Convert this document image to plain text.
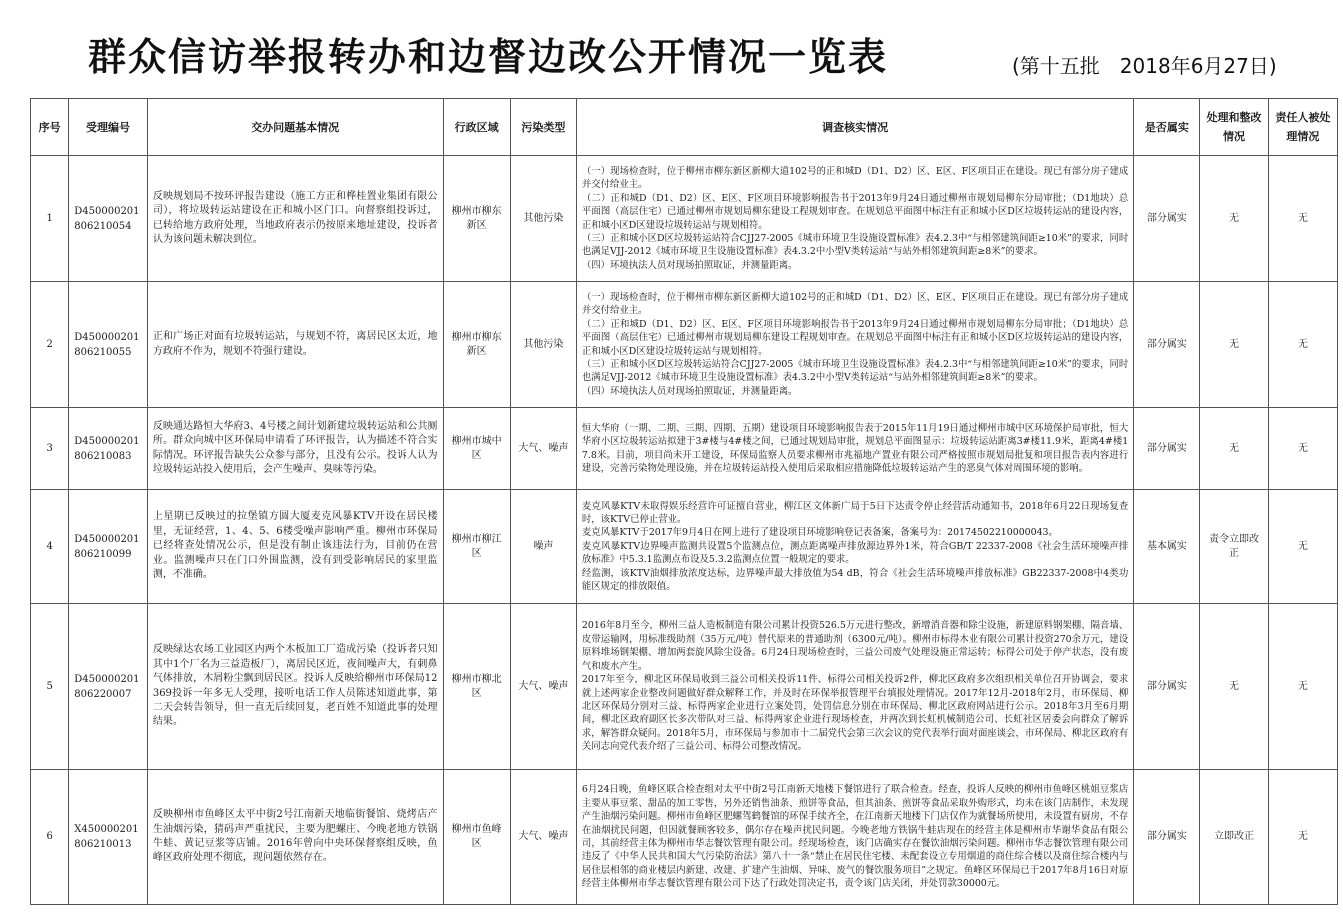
群众信访举报转办和边督边改公开情况一览表	(第十五批　2018年6月27日)
序号	受理编号	交办问题基本情况	行政区域	污染类型	调查核实情况	是否属实	处理和整改情况	责任人被处理情况
1	D450000201806210054	反映规划局不按环评报告建设（施工方正和桦桂置业集团有限公司），将垃圾转运站建设在正和城小区门口。向督察组投诉过，已转给地方政府处理，当地政府表示仍按原来地址建设，投诉者认为该问题未解决到位。	柳州市柳东新区	其他污染	（一）现场检查时，位于柳州市柳东新区新柳大道102号的正和城D（D1、D2）区、E区、F区项目正在建设。现已有部分房子建成并交付给业主。
（二）正和城D（D1、D2）区、E区、F区项目环境影响报告书于2013年9月24日通过柳州市规划局柳东分局审批；（D1地块）总平面图（高层住宅）已通过柳州市规划局柳东建设工程规划审查。在规划总平面图中标注有正和城小区D区垃圾转运站的建设内容，正和城小区D区建设垃圾转运站与规划相符。
（三）正和城小区D区垃圾转运站符合CJJ27-2005《城市环境卫生设施设置标准》表4.2.3中“与相邻建筑间距≥10米”的要求，同时也满足VJJ-2012《城市环境卫生设施设置标准》表4.3.2中小型V类转运站“与站外相邻建筑间距≥8米”的要求。
（四）环境执法人员对现场拍照取证，并测量距离。	部分属实	无	无
2	D450000201806210055	正和广场正对面有垃圾转运站，与规划不符，离居民区太近，地方政府不作为，规划不符强行建设。	柳州市柳东新区	其他污染	（一）现场检查时，位于柳州市柳东新区新柳大道102号的正和城D（D1、D2）区、E区、F区项目正在建设。现已有部分房子建成并交付给业主。
（二）正和城D（D1、D2）区、E区、F区项目环境影响报告书于2013年9月24日通过柳州市规划局柳东分局审批；（D1地块）总平面图（高层住宅）已通过柳州市规划局柳东建设工程规划审查。在规划总平面图中标注有正和城小区D区垃圾转运站的建设内容，正和城小区D区建设垃圾转运站与规划相符。
（三）正和城小区D区垃圾转运站符合CJJ27-2005《城市环境卫生设施设置标准》表4.2.3中“与相邻建筑间距≥10米”的要求，同时也满足VJJ-2012《城市环境卫生设施设置标准》表4.3.2中小型V类转运站“与站外相邻建筑间距≥8米”的要求。
（四）环境执法人员对现场拍照取证，并测量距离。	部分属实	无	无
3	D450000201806210083	反映通达路恒大华府3、4号楼之间计划新建垃圾转运站和公共厕所。群众向城中区环保局申请看了环评报告，认为描述不符合实际情况。环评报告缺失公众参与部分，且没有公示。投诉人认为垃圾转运站投入使用后，会产生噪声、臭味等污染。	柳州市城中区	大气、噪声	恒大华府（一期、二期、三期、四期、五期）建设项目环境影响报告表于2015年11月19日通过柳州市城中区环境保护局审批，恒大华府小区垃圾转运站拟建于3#楼与4#楼之间，已通过规划局审批，规划总平面图显示：垃圾转运站距离3#楼11.9米，距离4#楼17.8米。目前，项目尚未开工建设，环保局监察人员要求柳州市兆福地产置业有限公司严格按照市规划局批复和项目报告表内容进行建设，完善污染物处理设施，并在垃圾转运站投入使用后采取相应措施降低垃圾转运站产生的恶臭气体对周围环境的影响。	部分属实	无	无
4	D450000201806210099	上星期已反映过的拉堡镇方圆大厦麦克风暴KTV开设在居民楼里，无证经营，1、4、5、6楼受噪声影响严重。柳州市环保局已经将查处情况公示，但是没有制止该违法行为，目前仍在营业。监测噪声只在门口外围监测，没有到受影响居民的家里监测，不准确。	柳州市柳江区	噪声	麦克风暴KTV未取得娱乐经营许可证擅自营业，柳江区文体新广局于5日下达责令停止经营活动通知书，2018年6月22日现场复查时，该KTV已停止营业。
麦克风暴KTV于2017年9月4日在网上进行了建设项目环境影响登记表备案，备案号为：20174502210000043。
麦克风暴KTV边界噪声监测共设置5个监测点位，测点距离噪声排放源边界外1米，符合GB/T 22337-2008《社会生活环境噪声排放标准》中5.3.1监测点布设及5.3.2监测点位置一般规定的要求。
经监测，该KTV油烟排放浓度达标，边界噪声最大排放值为54 dB，符合《社会生活环境噪声排放标准》GB22337-2008中4类功能区规定的排放限值。	基本属实	责令立即改正	无
5	D450000201806220007	反映绿达农场工业园区内两个木板加工厂造成污染（投诉者只知其中1个厂名为三益造板厂），离居民区近，夜间噪声大，有刺鼻气体排放，木屑粉尘飘到居民区。投诉人反映给柳州市环保局12369投诉一年多无人受理，接听电话工作人员陈述知道此事，第二天会转告领导，但一直无后续回复，老百姓不知道此事的处理结果。	柳州市柳北区	大气、噪声	2016年8月至今，柳州三益人造板制造有限公司累计投资526.5万元进行整改，新增消音器和除尘设施，新建原料钢架棚、隔音墙、皮带运输网，用标准级助剂（35万元/吨）替代原来的普通助剂（6300元/吨）。柳州市标得木业有限公司累计投资270余万元，建设原料堆场钢架棚、增加两套旋风除尘设备。6月24日现场检查时，三益公司废气处理设施正常运转；标得公司处于停产状态，没有废气和废水产生。
2017年至今，柳北区环保局收到三益公司相关投诉11件、标得公司相关投诉2件，柳北区政府多次组织相关单位召开协调会，要求就上述两家企业整改问题做好群众解释工作，并及时在环保举报管理平台填报处理情况。2017年12月-2018年2月，市环保局、柳北区环保局分别对三益、标得两家企业进行立案处罚，处罚信息分别在市环保局、柳北区政府网站进行公示。2018年3月至6月期间，柳北区政府副区长多次带队对三益、标得两家企业进行现场检查，并两次到长虹机械制造公司、长虹社区居委会向群众了解诉求，解答群众疑问。2018年5月，市环保局与参加市十二届党代会第三次会议的党代表举行面对面座谈会，市环保局、柳北区政府有关同志向党代表介绍了三益公司、标得公司整改情况。	部分属实	无	无
6	X450000201806210013	反映柳州市鱼峰区太平中街2号江南新天地临街餐馆、烧烤店产生油烟污染，猜码声严重扰民，主要为肥螺庄、今晚老地方铁锅牛蛙、黄记豆浆等店铺。2016年曾向中央环保督察组反映，鱼峰区政府处理不彻底，现问题依然存在。	柳州市鱼峰区	大气、噪声	6月24日晚，鱼峰区联合检查组对太平中街2号江南新天地楼下餐馆进行了联合检查。经查，投诉人反映的柳州市鱼峰区桃姐豆浆店主要从事豆浆、甜品的加工零售，另外还销售油条、煎饼等食品，但其油条、煎饼等食品采取外购形式，均未在该门店制作，未发现产生油烟污染问题。柳州市鱼峰区肥螺驾鹤餐馆的环保手续齐全，在江南新天地楼下门店仅作为就餐场所使用，未设置有厨房，不存在油烟扰民问题，但因就餐顾客较多，偶尔存在噪声扰民问题。今晚老地方铁锅牛蛙店现在的经营主体是柳州市华谢华食品有限公司，其前经营主体为柳州市华志餐饮管理有限公司。经现场检查，该门店确实存在餐饮油烟污染问题。柳州市华志餐饮管理有限公司违反了《中华人民共和国大气污染防治法》第八十一条“禁止在居民住宅楼、未配套设立专用烟道的商住综合楼以及商住综合楼内与居住层相邻的商业楼层内新建、改建、扩建产生油烟、异味、废气的餐饮服务项目”之规定。鱼峰区环保局已于2017年8月16日对原经营主体柳州市华志餐饮管理有限公司下达了行政处罚决定书，责令该门店关闭，并处罚款30000元。	部分属实	立即改正	无
